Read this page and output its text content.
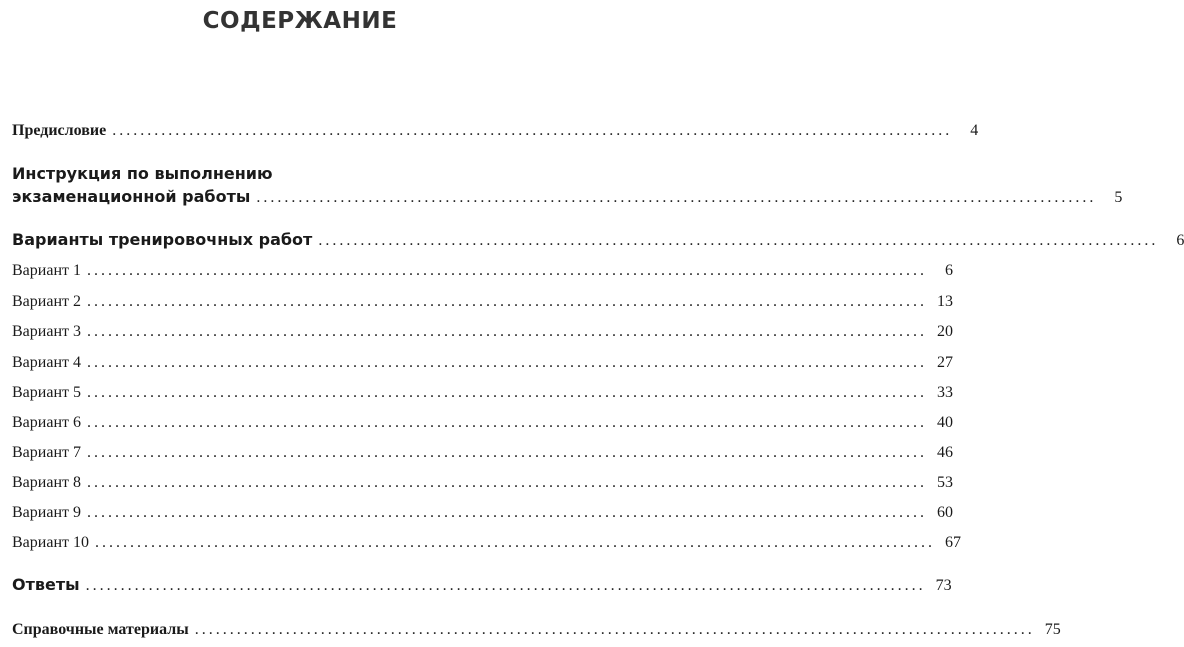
СОДЕРЖАНИЕ
Предисловие ........................................................................................................................	4
Инструкция по выполнению
экзаменационной работы ........................................................................................................................	5
Варианты тренировочных работ ........................................................................................................................	6
Вариант 1 ........................................................................................................................	6
Вариант 2 ........................................................................................................................ 13
Вариант 3 ........................................................................................................................ 20
Вариант 4 ........................................................................................................................ 27
Вариант 5 ........................................................................................................................ 33
Вариант 6 ........................................................................................................................ 40
Вариант 7 ........................................................................................................................ 46
Вариант 8 ........................................................................................................................ 53
Вариант 9 ........................................................................................................................ 60
Вариант 10 ........................................................................................................................ 67
Ответы ........................................................................................................................ 73
Справочные материалы ........................................................................................................................ 75
